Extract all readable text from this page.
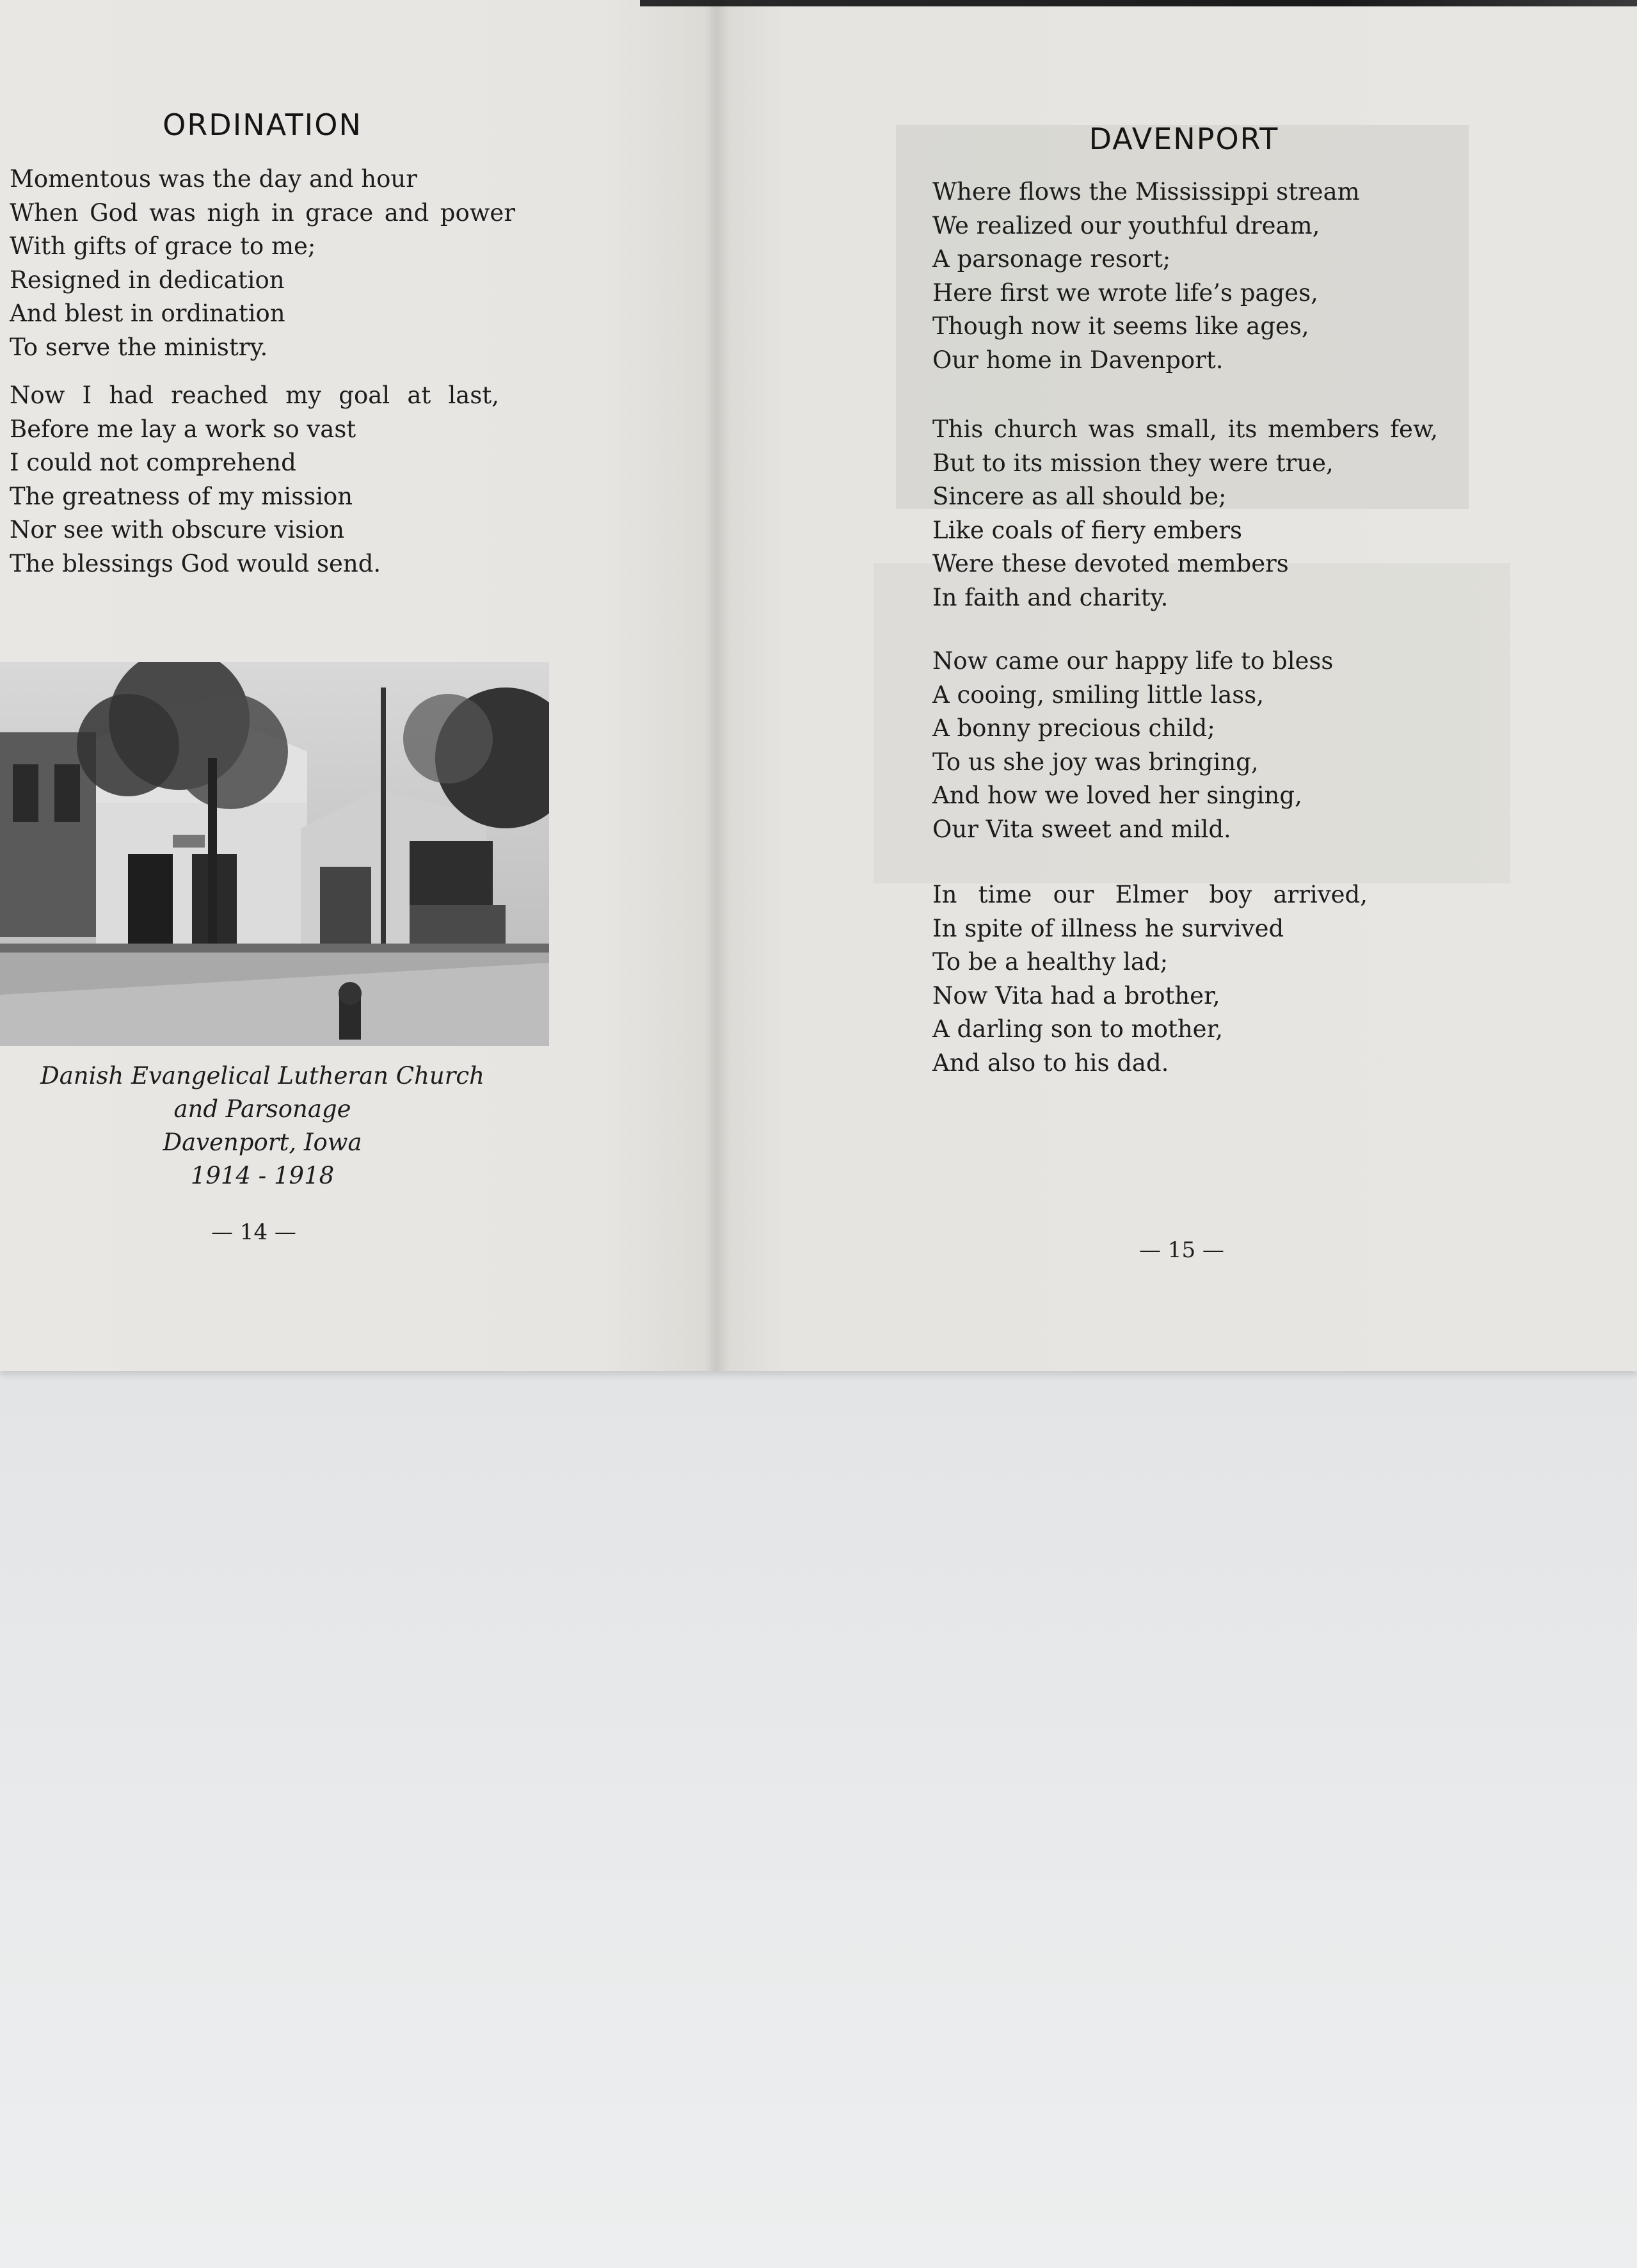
ORDINATION
Momentous was the day and hour
When God was nigh in grace and power
With gifts of grace to me;
Resigned in dedication
And blest in ordination
To serve the ministry.
Now I had reached my goal at last,
Before me lay a work so vast
I could not comprehend
The greatness of my mission
Nor see with obscure vision
The blessings God would send.
Danish Evangelical Lutheran Church
and Parsonage
Davenport, Iowa
1914 - 1918
— 14 —
DAVENPORT
Where flows the Mississippi stream
We realized our youthful dream,
A parsonage resort;
Here first we wrote life’s pages,
Though now it seems like ages,
Our home in Davenport.
This church was small, its members few,
But to its mission they were true,
Sincere as all should be;
Like coals of fiery embers
Were these devoted members
In faith and charity.
Now came our happy life to bless
A cooing, smiling little lass,
A bonny precious child;
To us she joy was bringing,
And how we loved her singing,
Our Vita sweet and mild.
In time our Elmer boy arrived,
In spite of illness he survived
To be a healthy lad;
Now Vita had a brother,
A darling son to mother,
And also to his dad.
— 15 —
